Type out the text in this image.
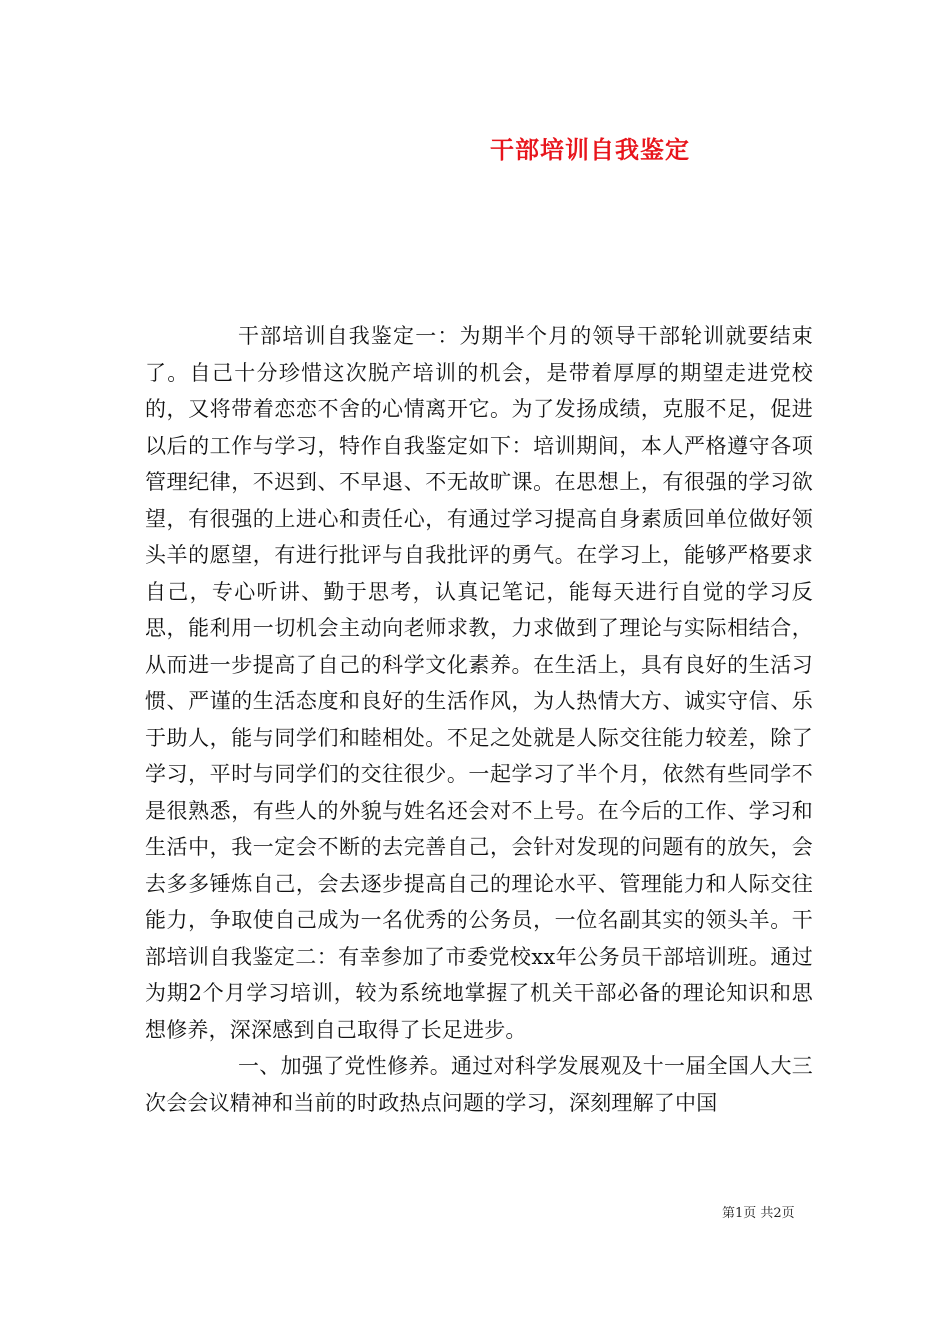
干部培训自我鉴定

干部培训自我鉴定一：为期半个月的领导干部轮训就要结束了。自己十分珍惜这次脱产培训的机会，是带着厚厚的期望走进党校的，又将带着恋恋不舍的心情离开它。为了发扬成绩，克服不足，促进以后的工作与学习，特作自我鉴定如下：培训期间，本人严格遵守各项管理纪律，不迟到、不早退、不无故旷课。在思想上，有很强的学习欲望，有很强的上进心和责任心，有通过学习提高自身素质回单位做好领头羊的愿望，有进行批评与自我批评的勇气。在学习上，能够严格要求自己，专心听讲、勤于思考，认真记笔记，能每天进行自觉的学习反思，能利用一切机会主动向老师求教，力求做到了理论与实际相结合，从而进一步提高了自己的科学文化素养。在生活上，具有良好的生活习惯、严谨的生活态度和良好的生活作风，为人热情大方、诚实守信、乐于助人，能与同学们和睦相处。不足之处就是人际交往能力较差，除了学习，平时与同学们的交往很少。一起学习了半个月，依然有些同学不是很熟悉，有些人的外貌与姓名还会对不上号。在今后的工作、学习和生活中，我一定会不断的去完善自己，会针对发现的问题有的放矢，会去多多锤炼自己，会去逐步提高自己的理论水平、管理能力和人际交往能力，争取使自己成为一名优秀的公务员，一位名副其实的领头羊。干部培训自我鉴定二：有幸参加了市委党校xx年公务员干部培训班。通过为期2个月学习培训，较为系统地掌握了机关干部必备的理论知识和思想修养，深深感到自己取得了长足进步。

一、加强了党性修养。通过对科学发展观及十一届全国人大三次会会议精神和当前的时政热点问题的学习，深刻理解了中国

第1页 共2页
